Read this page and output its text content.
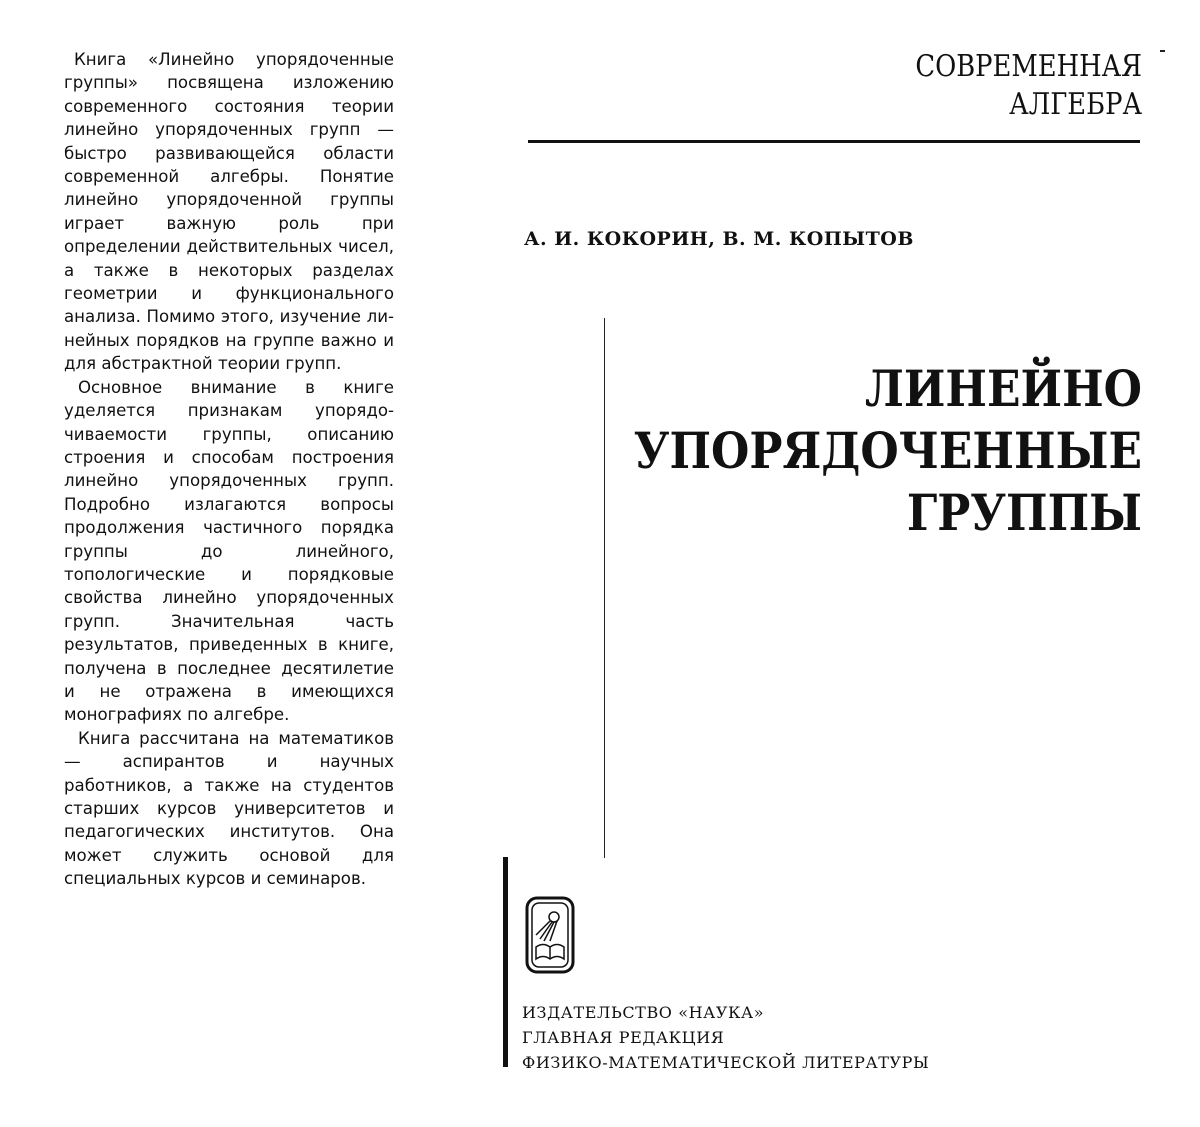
Книга «Линейно упорядоченные группы» посвящена изложению современного состояния теории линейно упорядоченных групп — быстро развивающейся области современной алгебры. Понятие линейно упорядоченной группы играет важную роль при определении действительных чисел, а также в некоторых разделах геометрии и функционального анализа. Помимо этого, изучение линейных порядков на группе важно и для абстрактной теории групп.

Основное внимание в книге уделяется признакам упорядочиваемости группы, описанию строения и способам построения линейно упорядоченных групп. Подробно излагаются вопросы продолжения частичного порядка группы до линейного, топологические и порядковые свойства линейно упорядоченных групп. Значительная часть результатов, приведенных в книге, получена в последнее десятилетие и не отражена в имеющихся монографиях по алгебре.

Книга рассчитана на математиков — аспирантов и научных работников, а также на студентов старших курсов университетов и педагогических институтов. Она может служить основой для специальных курсов и семинаров.

СОВРЕМЕННАЯ
АЛГЕБРА
А. И. КОКОРИН, В. М. КОПЫТОВ
ЛИНЕЙНО
УПОРЯДОЧЕННЫЕ
ГРУППЫ
ИЗДАТЕЛЬСТВО «НАУКА»
ГЛАВНАЯ РЕДАКЦИЯ
ФИЗИКО-МАТЕМАТИЧЕСКОЙ ЛИТЕРАТУРЫ
